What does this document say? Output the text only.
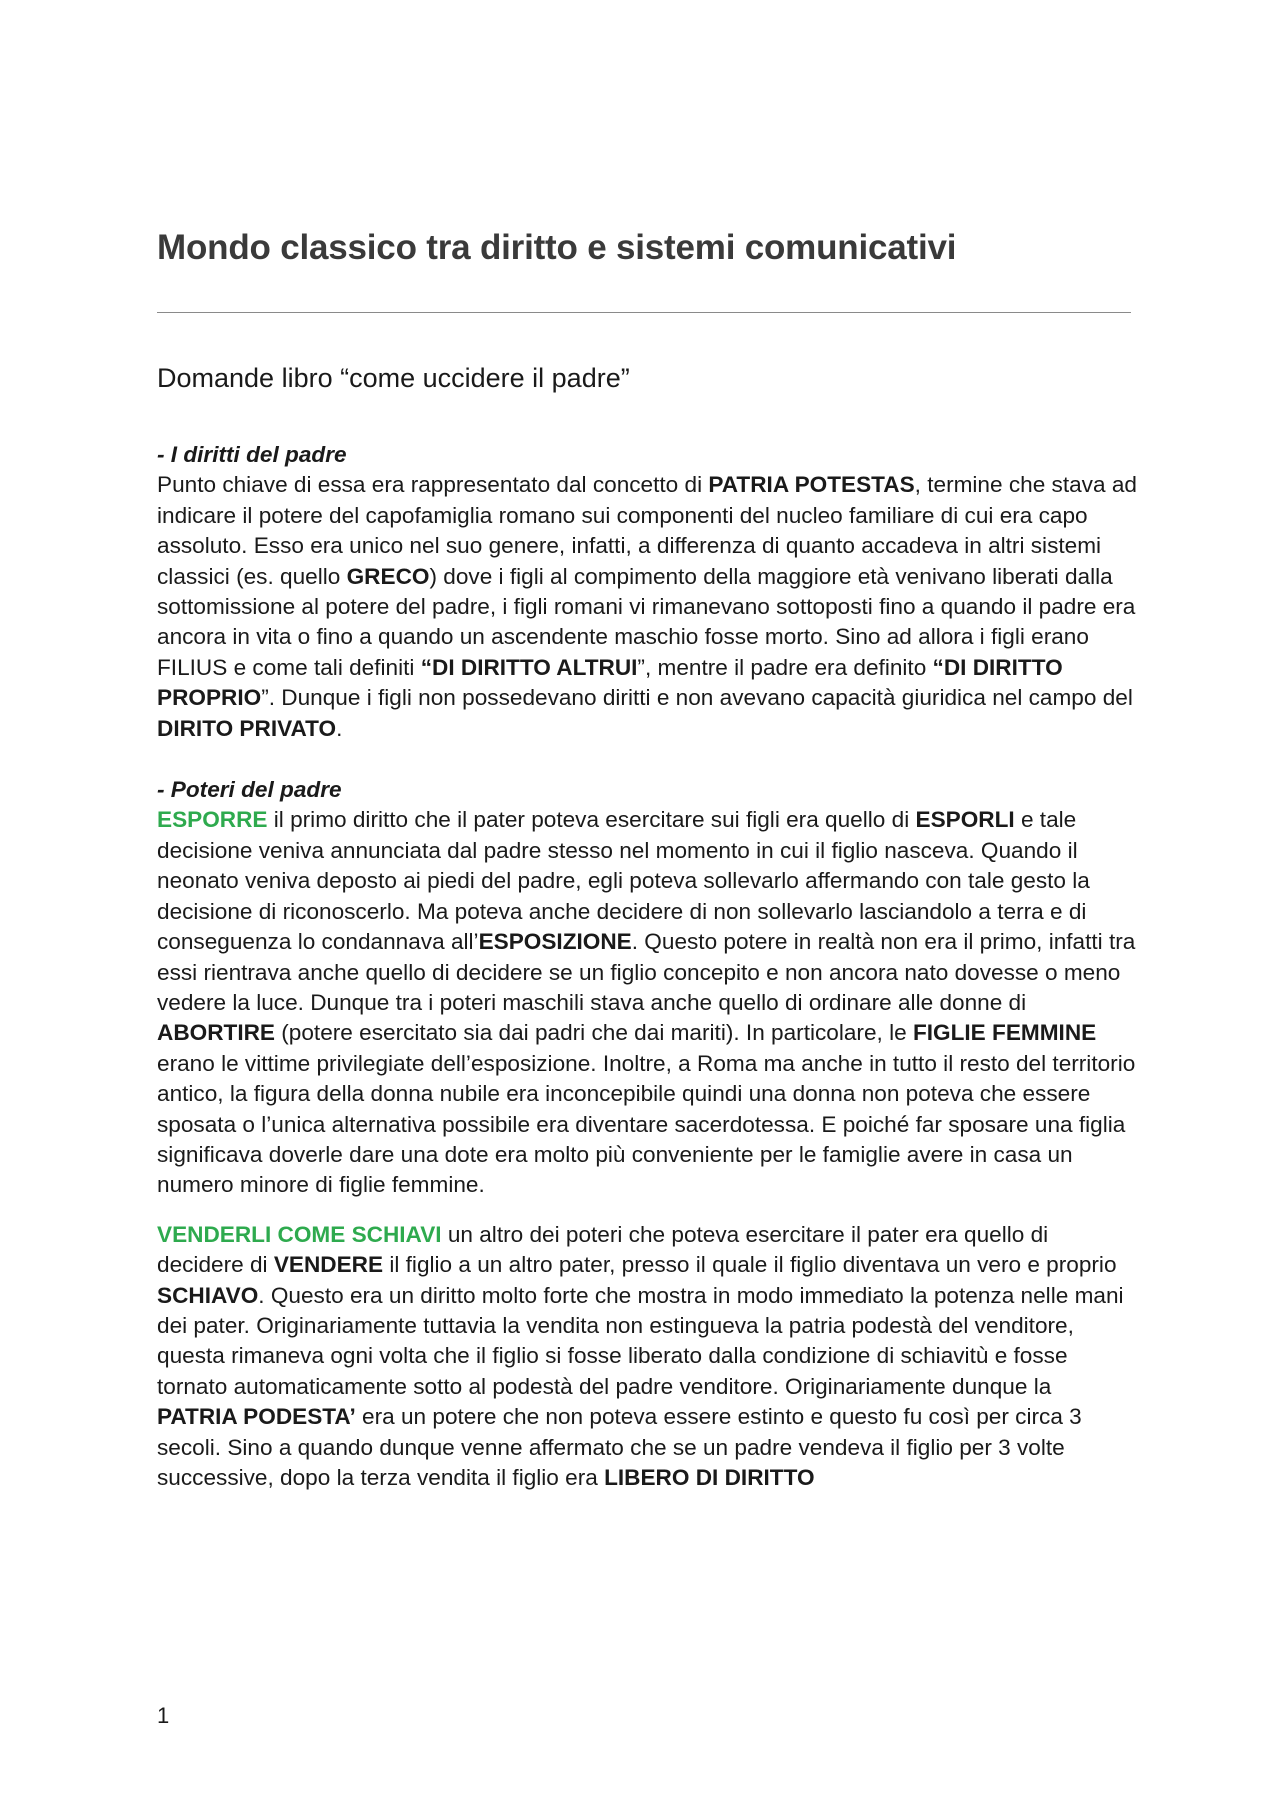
Mondo classico tra diritto e sistemi comunicativi
Domande libro “come uccidere il padre”
- I diritti del padre

Punto chiave di essa era rappresentato dal concetto di PATRIA POTESTAS, termine che stava ad indicare il potere del capofamiglia romano sui componenti del nucleo familiare di cui era capo assoluto. Esso era unico nel suo genere, infatti, a differenza di quanto accadeva in altri sistemi classici (es. quello GRECO) dove i figli al compimento della maggiore età venivano liberati dalla sottomissione al potere del padre, i figli romani vi rimanevano sottoposti fino a quando il padre era ancora in vita o fino a quando un ascendente maschio fosse morto. Sino ad allora i figli erano FILIUS e come tali definiti “DI DIRITTO ALTRUI”, mentre il padre era definito “DI DIRITTO PROPRIO”. Dunque i figli non possedevano diritti e non avevano capacità giuridica nel campo del DIRITO PRIVATO.

- Poteri del padre

ESPORRE il primo diritto che il pater poteva esercitare sui figli era quello di ESPORLI e tale decisione veniva annunciata dal padre stesso nel momento in cui il figlio nasceva. Quando il neonato veniva deposto ai piedi del padre, egli poteva sollevarlo affermando con tale gesto la decisione di riconoscerlo. Ma poteva anche decidere di non sollevarlo lasciandolo a terra e di conseguenza lo condannava all’ESPOSIZIONE. Questo potere in realtà non era il primo, infatti tra essi rientrava anche quello di decidere se un figlio concepito e non ancora nato dovesse o meno vedere la luce. Dunque tra i poteri maschili stava anche quello di ordinare alle donne di ABORTIRE (potere esercitato sia dai padri che dai mariti). In particolare, le FIGLIE FEMMINE erano le vittime privilegiate dell’esposizione. Inoltre, a Roma ma anche in tutto il resto del territorio antico, la figura della donna nubile era inconcepibile quindi una donna non poteva che essere sposata o l’unica alternativa possibile era diventare sacerdotessa. E poiché far sposare una figlia significava doverle dare una dote era molto più conveniente per le famiglie avere in casa un numero minore di figlie femmine.

VENDERLI COME SCHIAVI un altro dei poteri che poteva esercitare il pater era quello di decidere di VENDERE il figlio a un altro pater, presso il quale il figlio diventava un vero e proprio SCHIAVO. Questo era un diritto molto forte che mostra in modo immediato la potenza nelle mani dei pater. Originariamente tuttavia la vendita non estingueva la patria podestà del venditore, questa rimaneva ogni volta che il figlio si fosse liberato dalla condizione di schiavitù e fosse tornato automaticamente sotto al podestà del padre venditore. Originariamente dunque la PATRIA PODESTA’ era un potere che non poteva essere estinto e questo fu così per circa 3 secoli. Sino a quando dunque venne affermato che se un padre vendeva il figlio per 3 volte successive, dopo la terza vendita il figlio era LIBERO DI DIRITTO

1
